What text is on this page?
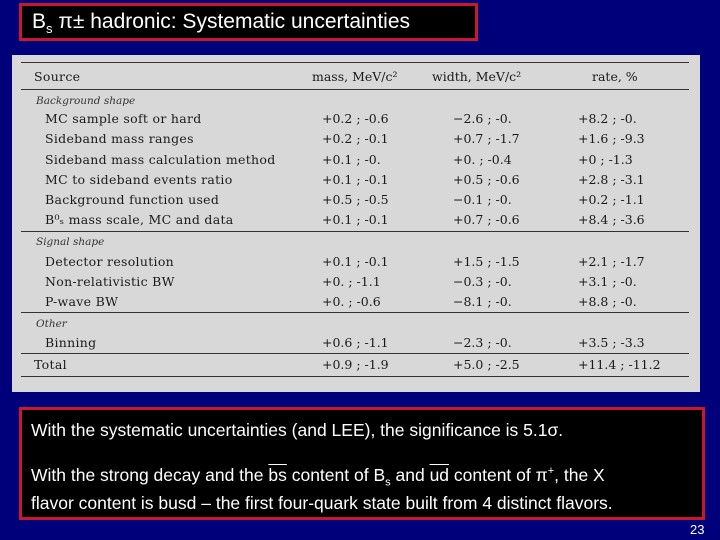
$B_s$ π± hadronic: Systematic uncertainties
Source	mass, MeV/c²	width, MeV/c²	rate, %
Background shape
MC sample soft or hard	+0.2 ; -0.6	−2.6 ; -0.	+8.2 ; -0.
Sideband mass ranges	+0.2 ; -0.1	+0.7 ; -1.7	+1.6 ; -9.3
Sideband mass calculation method	+0.1 ; -0.	+0. ; -0.4	+0 ; -1.3
MC to sideband events ratio	+0.1 ; -0.1	+0.5 ; -0.6	+2.8 ; -3.1
Background function used	+0.5 ; -0.5	−0.1 ; -0.	+0.2 ; -1.1
B⁰ₛ mass scale, MC and data	+0.1 ; -0.1	+0.7 ; -0.6	+8.4 ; -3.6
Signal shape
Detector resolution	+0.1 ; -0.1	+1.5 ; -1.5	+2.1 ; -1.7
Non-relativistic BW	+0. ; -1.1	−0.3 ; -0.	+3.1 ; -0.
P-wave BW	+0. ; -0.6	−8.1 ; -0.	+8.8 ; -0.
Other
Binning	+0.6 ; -1.1	−2.3 ; -0.	+3.5 ; -3.3
Total	+0.9 ; -1.9	+5.0 ; -2.5	+11.4 ; -11.2

With the systematic uncertainties (and LEE), the significance is 5.1σ.

With the strong decay and the $\overline{bs}$ content of $B_s$ and $\overline{ud}$ content of π+, the X

flavor content is busd – the first four-quark state built from 4 distinct flavors.

23
